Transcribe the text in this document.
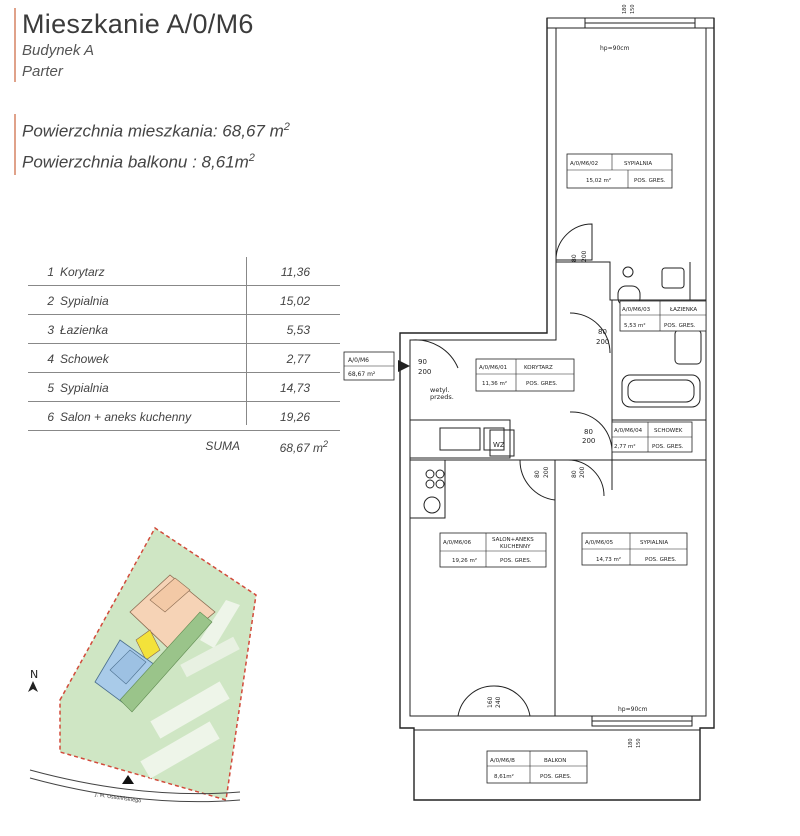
Mieszkanie A/0/M6
Budynek A
Parter
Powierzchnia mieszkania: 68,67 $m^2$
Powierzchnia balkonu : $8,61m^2$
1 Korytarz	11,36
2 Sypialnia	15,02
3 Łazienka	5,53
4 Schowek	2,77
5 Sypialnia	14,73
6 Salon + aneks kuchenny	19,26
SUMA	68,67 $m^2$
N
J. M. Ossolińskiego
hp=90cm
hp=90cm
180 150
180 150
80 200
90
200
80
200
80
200
80 200	80 200
160 240
wetyl.
przeds.
WZ
A/0/M6
68,67 m²
A/0/M6/02	SYPIALNIA
15,02 m²	POS. GRES.
A/0/M6/01	KORYTARZ
11,36 m²	POS. GRES.
A/0/M6/03	ŁAZIENKA
5,53 m²	POS. GRES.
A/0/M6/04 SCHOWEK
2,77 m²	POS. GRES.
A/0/M6/05	SYPIALNIA
14,73 m²	POS. GRES.
A/0/M6/06	SALON+ANEKS
KUCHENNY
19,26 m²	POS. GRES.
A/0/M6/B	BALKON
8,61m²	POS. GRES.
